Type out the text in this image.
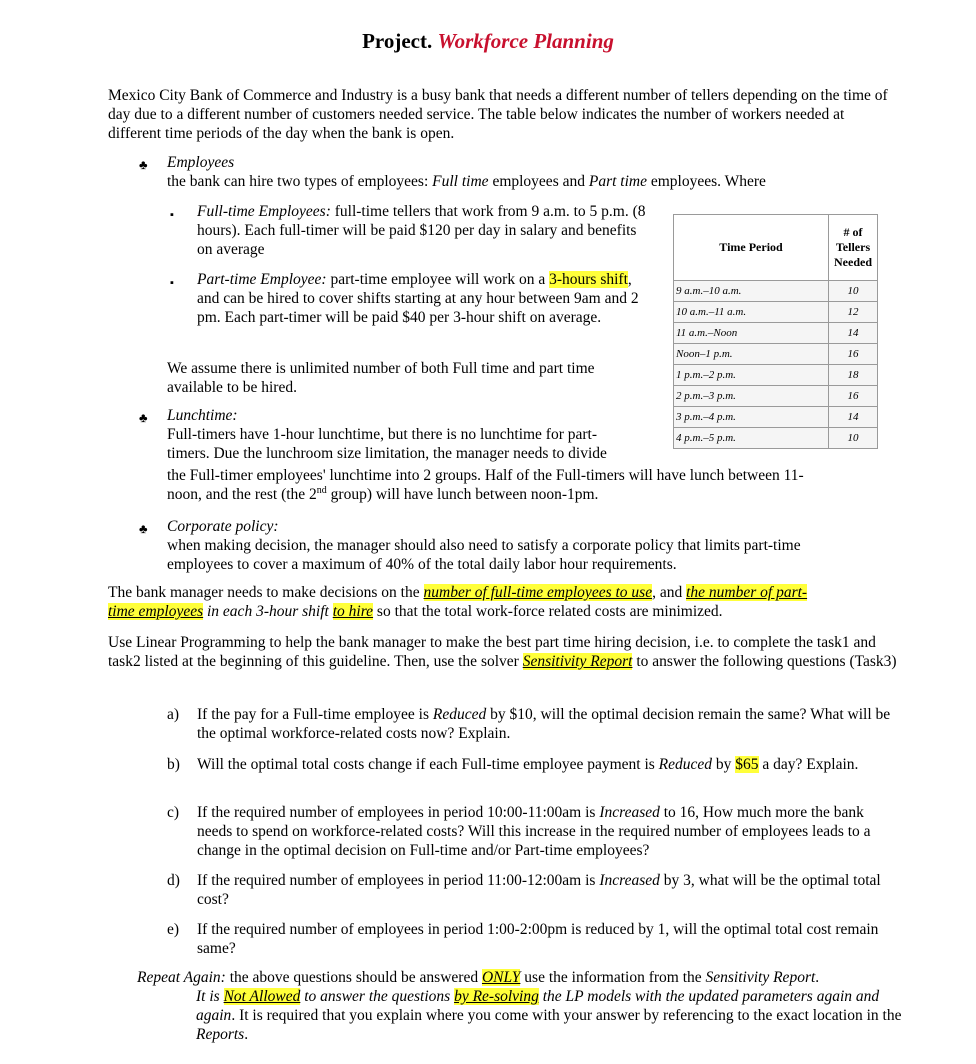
Project. Workforce Planning

Mexico City Bank of Commerce and Industry is a busy bank that needs a different number of tellers depending on the time of day due to a different number of customers needed service. The table below indicates the number of workers needed at different time periods of the day when the bank is open.

♣ Employees
the bank can hire two types of employees: Full time employees and Part time employees. Where
▪ Full-time Employees: full-time tellers that work from 9 a.m. to 5 p.m. (8 hours). Each full-timer will be paid $120 per day in salary and benefits on average
▪ Part-time Employee: part-time employee will work on a 3-hours shift, and can be hired to cover shifts starting at any hour between 9am and 2 pm. Each part-timer will be paid $40 per 3-hour shift on average.
We assume there is unlimited number of both Full time and part time available to be hired.
Time Period	# of Tellers Needed
9 a.m.–10 a.m.	10
10 a.m.–11 a.m.	12
11 a.m.–Noon	14
Noon–1 p.m.	16
1 p.m.–2 p.m.	18
2 p.m.–3 p.m.	16
3 p.m.–4 p.m.	14
4 p.m.–5 p.m.	10
♣ Lunchtime:
Full-timers have 1-hour lunchtime, but there is no lunchtime for part-
timers. Due the lunchroom size limitation, the manager needs to divide
the Full-timer employees' lunchtime into 2 groups. Half of the Full-timers will have lunch between 11-
noon, and the rest (the 2nd group) will have lunch between noon-1pm.
♣ Corporate policy:
when making decision, the manager should also need to satisfy a corporate policy that limits part-time employees to cover a maximum of 40% of the total daily labor hour requirements.
The bank manager needs to make decisions on the number of full-time employees to use, and the number of part-
time employees in each 3-hour shift to hire so that the total work-force related costs are minimized.
Use Linear Programming to help the bank manager to make the best part time hiring decision, i.e. to complete the task1 and task2 listed at the beginning of this guideline. Then, use the solver Sensitivity Report to answer the following questions (Task3)
a) If the pay for a Full-time employee is Reduced by $10, will the optimal decision remain the same? What will be the optimal workforce-related costs now? Explain.
b) Will the optimal total costs change if each Full-time employee payment is Reduced by $65 a day? Explain.
c) If the required number of employees in period 10:00-11:00am is Increased to 16, How much more the bank needs to spend on workforce-related costs? Will this increase in the required number of employees leads to a change in the optimal decision on Full-time and/or Part-time employees?
d) If the required number of employees in period 11:00-12:00am is Increased by 3, what will be the optimal total cost?
e) If the required number of employees in period 1:00-2:00pm is reduced by 1, will the optimal total cost remain same?
Repeat Again: the above questions should be answered ONLY use the information from the Sensitivity Report.
It is Not Allowed to answer the questions by Re-solving the LP models with the updated parameters again and again. It is required that you explain where you come with your answer by referencing to the exact location in the Reports.
